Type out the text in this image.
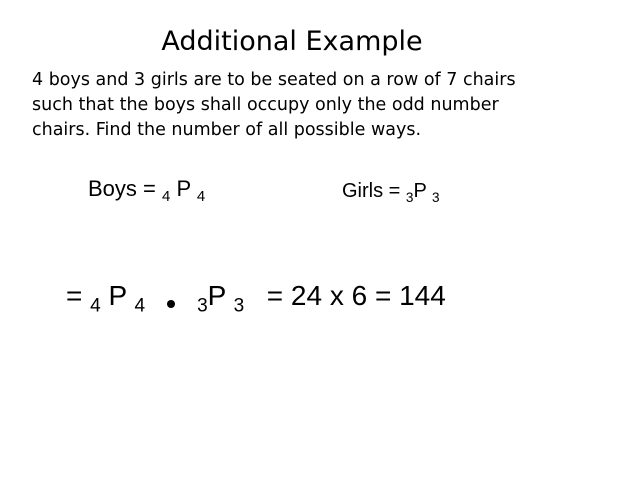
Additional Example
4 boys and 3 girls are to be seated on a row of 7 chairs
such that the boys shall occupy only the odd number
chairs. Find the number of all possible ways.
Boys = $_4$ P $_4$	Girls = $_3$P $_3$
= $_4$ P $_4$	$_3$P $_3$ = 24 x 6 = 144
